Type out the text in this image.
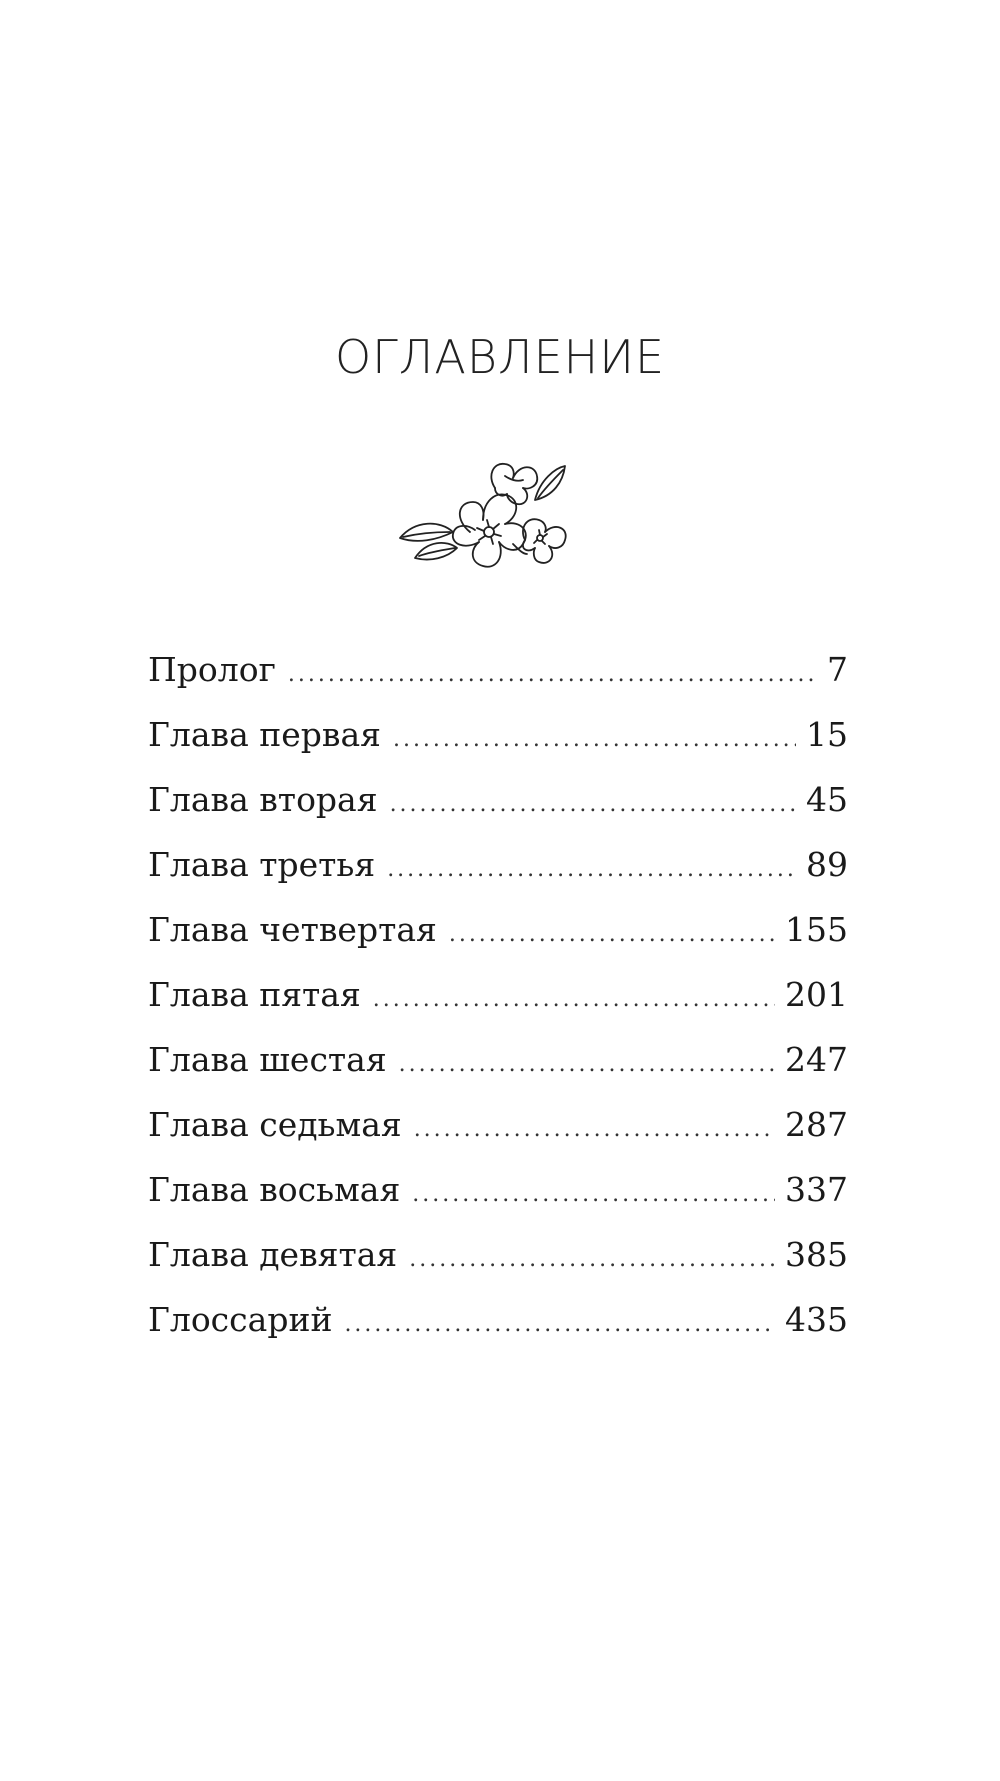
ОГЛАВЛЕНИЕ
Пролог .....	7
Глава первая .....	15
Глава вторая .....	45
Глава третья .....	89
Глава четвертая .....	155
Глава пятая .....	201
Глава шестая .....	247
Глава седьмая .....	287
Глава восьмая .....	337
Глава девятая .....	385
Глоссарий .....	435
